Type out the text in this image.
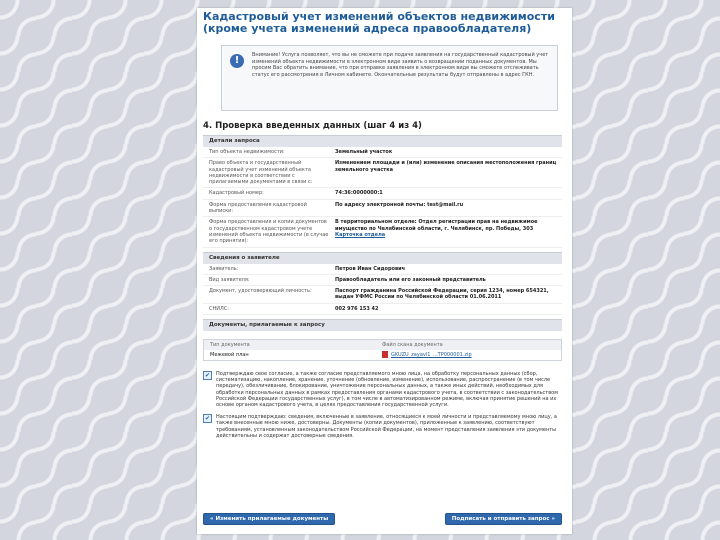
Кадастровый учет изменений объектов недвижимости (кроме учета изменений адреса правообладателя)
!	Внимание! Услуга позволяет, что вы не сможете при подаче заявления на государственный кадастровый учет изменений объекта недвижимости в электронном виде заявить о возвращении поданных документов. Мы просим Вас обратить внимание, что при отправке заявления в электронном виде вы сможете отслеживать статус его рассмотрения в Личном кабинете. Окончательные результаты будут отправлены в адрес ГКН.
4. Проверка введенных данных (шаг 4 из 4)
Детали запроса
Тип объекта недвижимости:	Земельный участок
Право объекта и государственный кадастровый учет изменений объекта недвижимости в соответствии с прилагаемыми документами в связи с:
Изменением площади и (или) изменение описания местоположения границ земельного участка
Кадастровый номер:	74:36:0000000:1
Форма предоставления кадастровой выписки:
По адресу электронной почты: test@mail.ru
Форма предоставления и копии документов о государственном кадастровом учете изменений объекта недвижимости (в случае его принятия):
В территориальном отделе: Отдел регистрации прав на недвижимое имущество по Челябинской области, г. Челябинск, пр. Победы, 303
Карточка отдела
Сведения о заявителе
Заявитель:	Петров Иван Сидорович
Вид заявителя:	Правообладатель или его законный представитель
Документ, удостоверяющий личность:	Паспорт гражданина Российской Федерации, серия 1234, номер 654321, выдан УФМС России по Челябинской области 01.06.2011
СНИЛС:	002 976 153 42
Документы, прилагаемые к запросу
Тип документа	Файл скана документа
Межевой план	GKUZU_zayavl1_...TP000001.zip
✔	Подтверждаю свое согласие, а также согласие представляемого мною лица, на обработку персональных данных (сбор, систематизацию, накопление, хранение, уточнение (обновление, изменение), использование, распространение (в том числе передачу), обезличивание, блокирование, уничтожение персональных данных, а также иных действий, необходимых для обработки персональных данных в рамках предоставления органами кадастрового учета, в соответствии с законодательством Российской Федерации государственных услуг), в том числе в автоматизированном режиме, включая принятие решений на их основе органом кадастрового учета, в целях предоставления государственной услуги.
✔	Настоящим подтверждаю: сведения, включенные в заявление, относящиеся к моей личности и представляемому мною лицу, а также внесенные мною ниже, достоверны. Документы (копии документов), приложенные к заявлению, соответствуют требованиям, установленным законодательством Российской Федерации, на момент представления заявления эти документы действительны и содержат достоверные сведения.
« Изменить прилагаемые документы	Подписать и отправить запрос »
